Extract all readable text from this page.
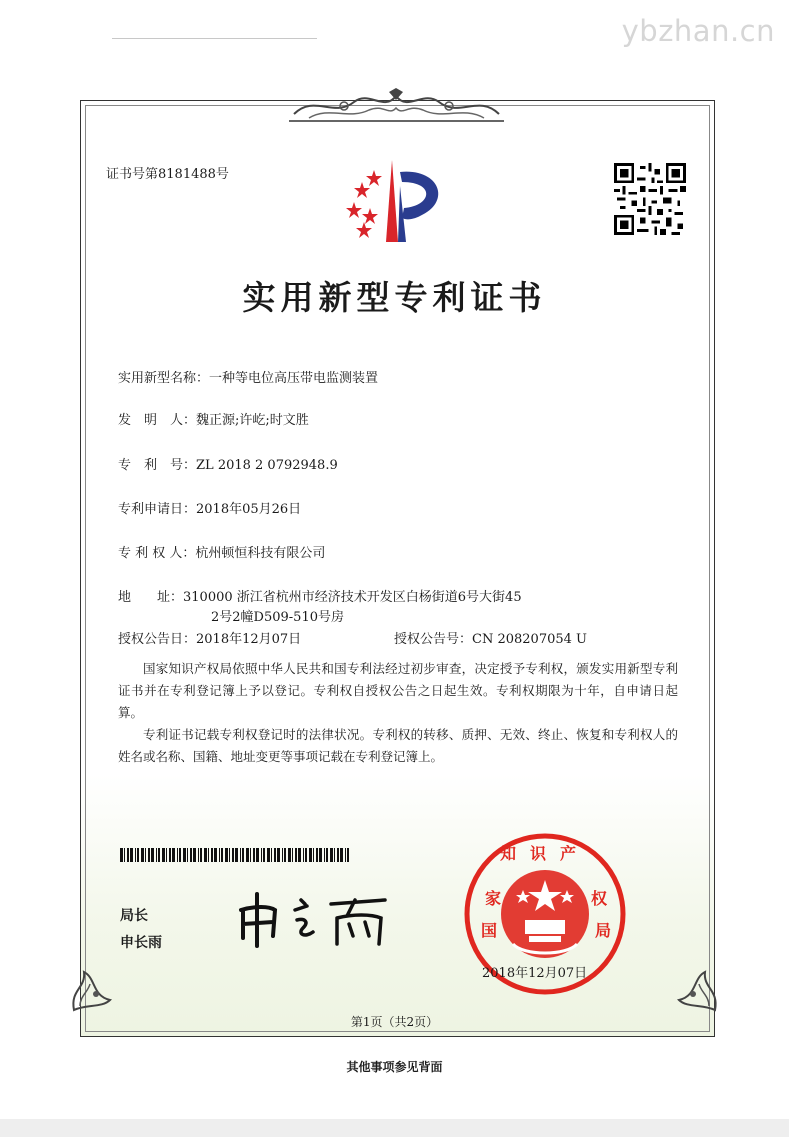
ybzhan.cn
证书号第8181488号
实用新型专利证书
实用新型名称：一种等电位高压带电监测装置
发　明　人：魏正源;许屹;时文胜
专　利　号：ZL 2018 2 0792948.9
专利申请日：2018年05月26日
专 利 权 人：杭州顿恒科技有限公司
地　　址：310000 浙江省杭州市经济技术开发区白杨街道6号大街45
2号2幢D509-510号房
授权公告日：2018年12月07日	授权公告号：CN 208207054 U
国家知识产权局依照中华人民共和国专利法经过初步审查，决定授予专利权，颁发实用新型专利证书并在专利登记簿上予以登记。专利权自授权公告之日起生效。专利权期限为十年，自申请日起算。
专利证书记载专利权登记时的法律状况。专利权的转移、质押、无效、终止、恢复和专利权人的姓名或名称、国籍、地址变更等事项记载在专利登记簿上。
局长
申长雨
知识产
家
国
权
局
2018年12月07日
第1页（共2页）
其他事项参见背面
